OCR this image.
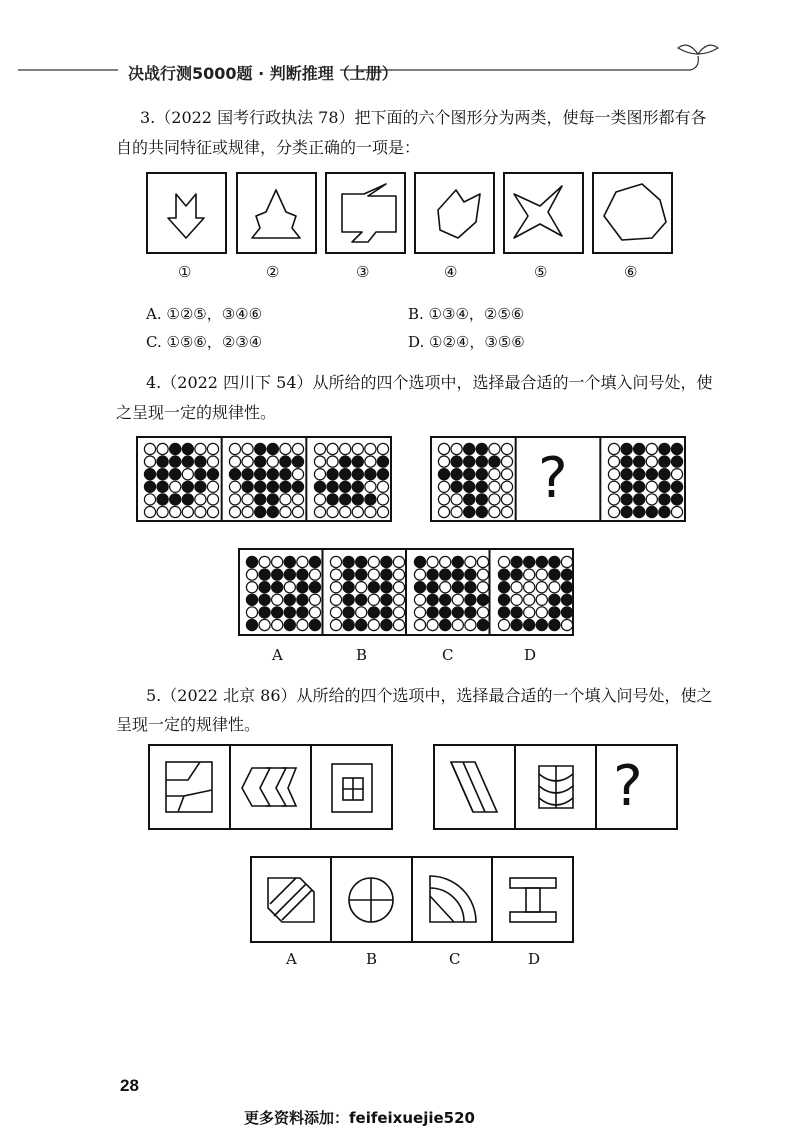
决战行测5000题 · 判断推理（上册）
3.（2022 国考行政执法 78）把下面的六个图形分为两类，使每一类图形都有各
自的共同特征或规律，分类正确的一项是：
①	②	③	④	⑤	⑥
A. ①②⑤，③④⑥	B. ①③④，②⑤⑥
C. ①⑤⑥，②③④	D. ①②④，③⑤⑥
4.（2022 四川下 54）从所给的四个选项中，选择最合适的一个填入问号处，使
之呈现一定的规律性。
?
A	B	C	D
5.（2022 北京 86）从所给的四个选项中，选择最合适的一个填入问号处，使之
呈现一定的规律性。
?
A	B	C	D
28
更多资料添加：feifeixuejie520
